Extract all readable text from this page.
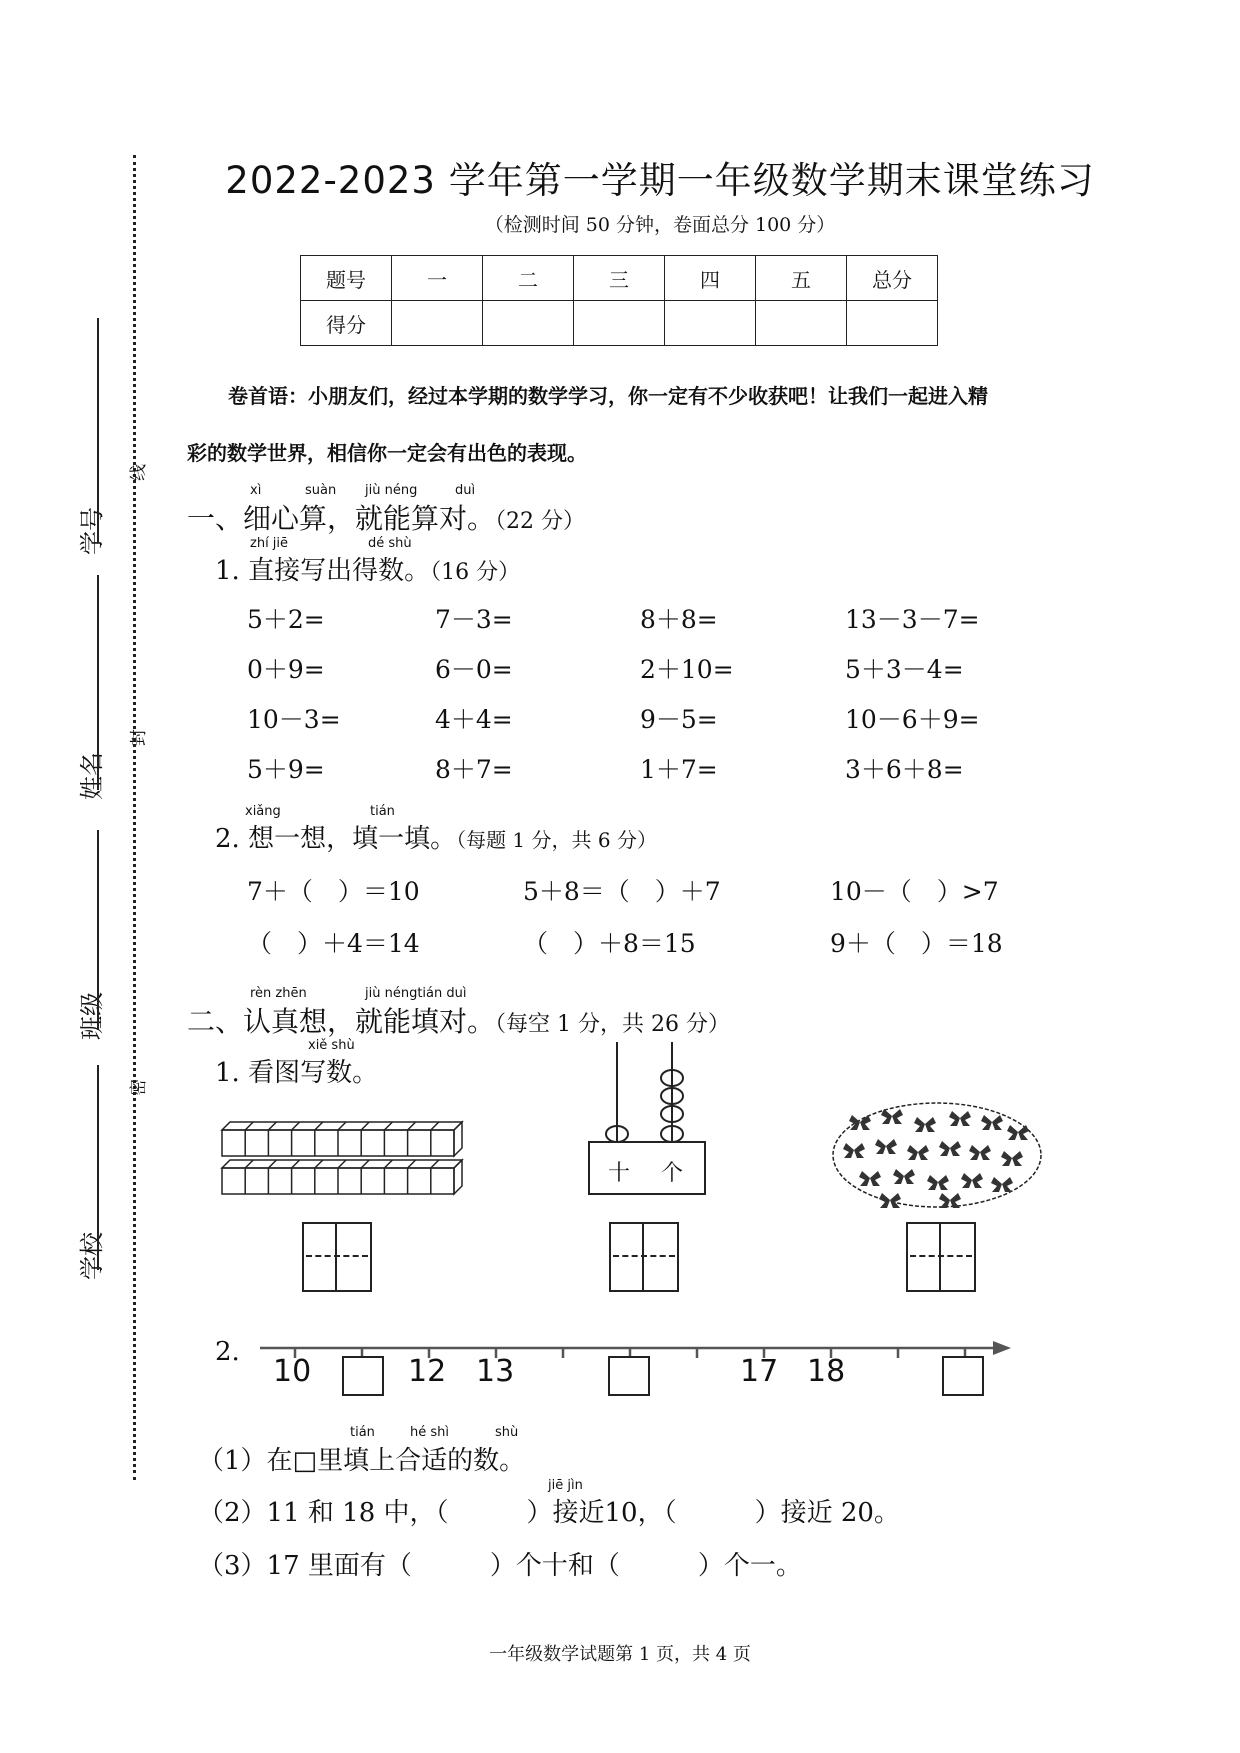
线
封
密
学号
姓名
班级
学校
2022-2023 学年第一学期一年级数学期末课堂练习
（检测时间 50 分钟，卷面总分 100 分）
题号	一	二	三	四	五	总分
得分						
卷首语：小朋友们，经过本学期的数学学习，你一定有不少收获吧！让我们一起进入精
彩的数学世界，相信你一定会有出色的表现。
xì	suàn jiù néng	duì
一、细心算，就能算对。（22 分）
zhí jiē	dé shù
1. 直接写出得数。（16 分）
5＋2=	7－3=	8＋8=	13－3－7=
0＋9=	6－0=	2＋10=	5＋3－4=
10－3=	4＋4=	9－5=	10－6＋9=
5＋9=	8＋7=	1＋7=	3＋6＋8=
xiǎng	tián
2. 想一想，填一填。（每题 1 分，共 6 分）
7＋（　）＝10	5＋8＝（　）＋7	10－（　）>7
（　）＋4＝14	（　）＋8＝15	9＋（　）＝18
rèn zhēn	jiù néngtián duì
二、认真想，就能填对。（每空 1 分，共 26 分）
xiě shù
1. 看图写数。
十 个
2.
10	12 13	17 18
tián	hé shì	shù
（1）在□里填上合适的数。
jiē jìn
（2）11 和 18 中，（　　　）接近10，（　　　）接近 20。
（3）17 里面有（　　　）个十和（　　　）个一。
一年级数学试题第 1 页，共 4 页
